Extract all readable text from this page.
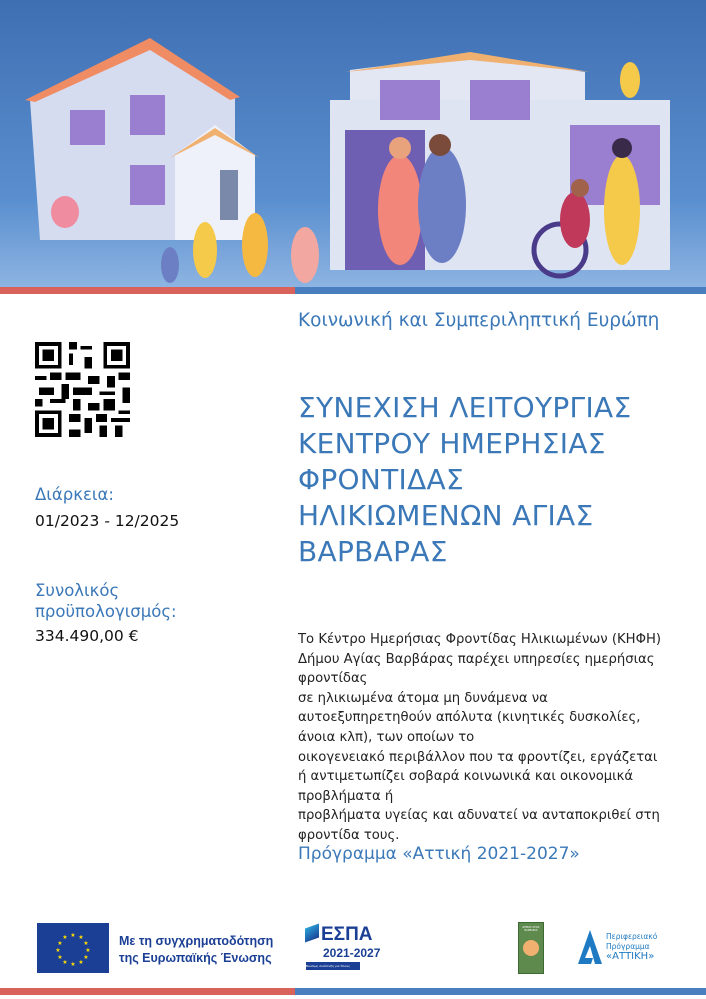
Διάρκεια:
01/2023 - 12/2025
Συνολικός
προϋπολογισμός:
334.490,00 €
Κοινωνική και Συμπεριληπτική Ευρώπη
ΣΥΝΕΧΙΣΗ ΛΕΙΤΟΥΡΓΙΑΣ
ΚΕΝΤΡΟΥ ΗΜΕΡΗΣΙΑΣ
ΦΡΟΝΤΙΔΑΣ
ΗΛΙΚΙΩΜΕΝΩΝ ΑΓΙΑΣ
ΒΑΡΒΑΡΑΣ
Το Κέντρο Ημερήσιας Φροντίδας Ηλικιωμένων (ΚΗΦΗ)
Δήμου Αγίας Βαρβάρας παρέχει υπηρεσίες ημερήσιας
φροντίδας
σε ηλικιωμένα άτομα μη δυνάμενα να
αυτοεξυπηρετηθούν απόλυτα (κινητικές δυσκολίες,
άνοια κλπ), των οποίων το
οικογενειακό περιβάλλον που τα φροντίζει, εργάζεται
ή αντιμετωπίζει σοβαρά κοινωνικά και οικονομικά
προβλήματα ή
προβλήματα υγείας και αδυνατεί να ανταποκριθεί στη
φροντίδα τους.
Πρόγραμμα «Αττική 2021-2027»
★ ★
★
★
★
★
★
★
★
★
★
★	Με τη συγχρηματοδότηση
της Ευρωπαϊκής Ένωσης
ΕΣΠΑ
2021-2027
Βιώσιμη Ανάπτυξη για Όλους
ΔΗΜΟΣ ΑΓΙΑΣ ΒΑΡΒΑΡΑΣ
Περιφερειακό
Πρόγραμμα
«ΑΤΤΙΚΗ»
